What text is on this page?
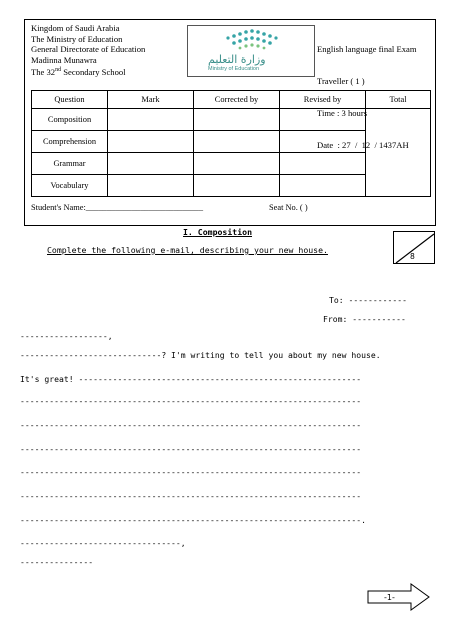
Kingdom of Saudi Arabia
The Ministry of Education
General Directorate of Education
Madinna Munawra
The 32nd Secondary School
وزارة التعليم
Ministry of Education

English language final Exam

Traveller ( 1 )

Time : 3 hours

Date  : 27  /  12  / 1437AH

Question	Mark	Corrected by	Revised by	Total
Composition				
Comprehension				
Grammar				
Vocabulary				
Student's Name:____________________________	Seat No. ( )
I. Composition
Complete the following e-mail, describing your new house.
8
To: ------------
From: -----------
------------------,
-----------------------------? I'm writing to tell you about my new house.
It's great! ----------------------------------------------------------
----------------------------------------------------------------------
----------------------------------------------------------------------
----------------------------------------------------------------------
----------------------------------------------------------------------
----------------------------------------------------------------------
----------------------------------------------------------------------.
---------------------------------,
---------------
-1-
